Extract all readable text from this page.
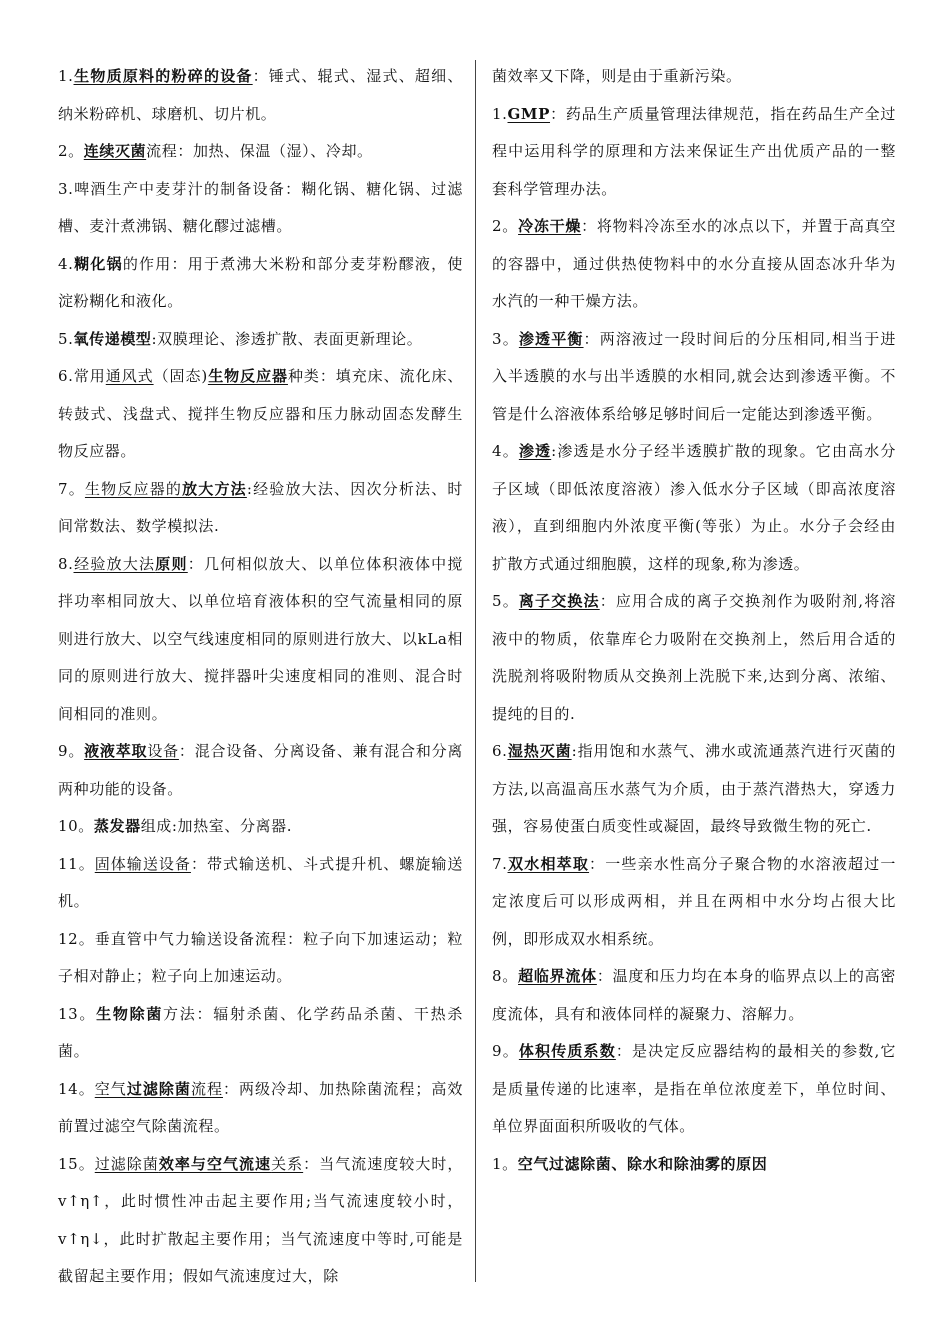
1.生物质原料的粉碎的设备：锤式、辊式、湿式、超细、纳米粉碎机、球磨机、切片机。

2。连续灭菌流程：加热、保温（湿）、冷却。

3.啤酒生产中麦芽汁的制备设备：糊化锅、糖化锅、过滤槽、麦汁煮沸锅、糖化醪过滤槽。

4.糊化锅的作用：用于煮沸大米粉和部分麦芽粉醪液，使淀粉糊化和液化。

5.氧传递模型:双膜理论、渗透扩散、表面更新理论。

6.常用通风式（固态)生物反应器种类：填充床、流化床、转鼓式、浅盘式、搅拌生物反应器和压力脉动固态发酵生物反应器。

7。生物反应器的放大方法:经验放大法、因次分析法、时间常数法、数学模拟法.

8.经验放大法原则：几何相似放大、以单位体积液体中搅拌功率相同放大、以单位培育液体积的空气流量相同的原则进行放大、以空气线速度相同的原则进行放大、以kLa相同的原则进行放大、搅拌器叶尖速度相同的准则、混合时间相同的准则。

9。液液萃取设备：混合设备、分离设备、兼有混合和分离两种功能的设备。

10。蒸发器组成:加热室、分离器.

11。固体输送设备：带式输送机、斗式提升机、螺旋输送机。

12。垂直管中气力输送设备流程：粒子向下加速运动；粒子相对静止；粒子向上加速运动。

13。生物除菌方法：辐射杀菌、化学药品杀菌、干热杀菌。

14。空气过滤除菌流程：两级冷却、加热除菌流程；高效前置过滤空气除菌流程。

15。过滤除菌效率与空气流速关系：当气流速度较大时，v↑η↑，此时惯性冲击起主要作用;当气流速度较小时，v↑η↓，此时扩散起主要作用；当气流速度中等时,可能是截留起主要作用；假如气流速度过大，除

菌效率又下降，则是由于重新污染。

1.GMP：药品生产质量管理法律规范，指在药品生产全过程中运用科学的原理和方法来保证生产出优质产品的一整套科学管理办法。

2。冷冻干燥：将物料冷冻至水的冰点以下，并置于高真空的容器中，通过供热使物料中的水分直接从固态冰升华为水汽的一种干燥方法。

3。渗透平衡：两溶液过一段时间后的分压相同,相当于进入半透膜的水与出半透膜的水相同,就会达到渗透平衡。不管是什么溶液体系给够足够时间后一定能达到渗透平衡。

4。渗透:渗透是水分子经半透膜扩散的现象。它由高水分子区域（即低浓度溶液）渗入低水分子区域（即高浓度溶液），直到细胞内外浓度平衡(等张）为止。水分子会经由扩散方式通过细胞膜，这样的现象,称为渗透。

5。离子交换法：应用合成的离子交换剂作为吸附剂,将溶液中的物质，依靠库仑力吸附在交换剂上，然后用合适的洗脱剂将吸附物质从交换剂上洗脱下来,达到分离、浓缩、提纯的目的.

6.湿热灭菌:指用饱和水蒸气、沸水或流通蒸汽进行灭菌的方法,以高温高压水蒸气为介质，由于蒸汽潜热大，穿透力强，容易使蛋白质变性或凝固，最终导致微生物的死亡.

7.双水相萃取：一些亲水性高分子聚合物的水溶液超过一定浓度后可以形成两相，并且在两相中水分均占很大比例，即形成双水相系统。

8。超临界流体：温度和压力均在本身的临界点以上的高密度流体，具有和液体同样的凝聚力、溶解力。

9。体积传质系数：是决定反应器结构的最相关的参数,它是质量传递的比速率，是指在单位浓度差下，单位时间、单位界面面积所吸收的气体。

1。空气过滤除菌、除水和除油雾的原因
